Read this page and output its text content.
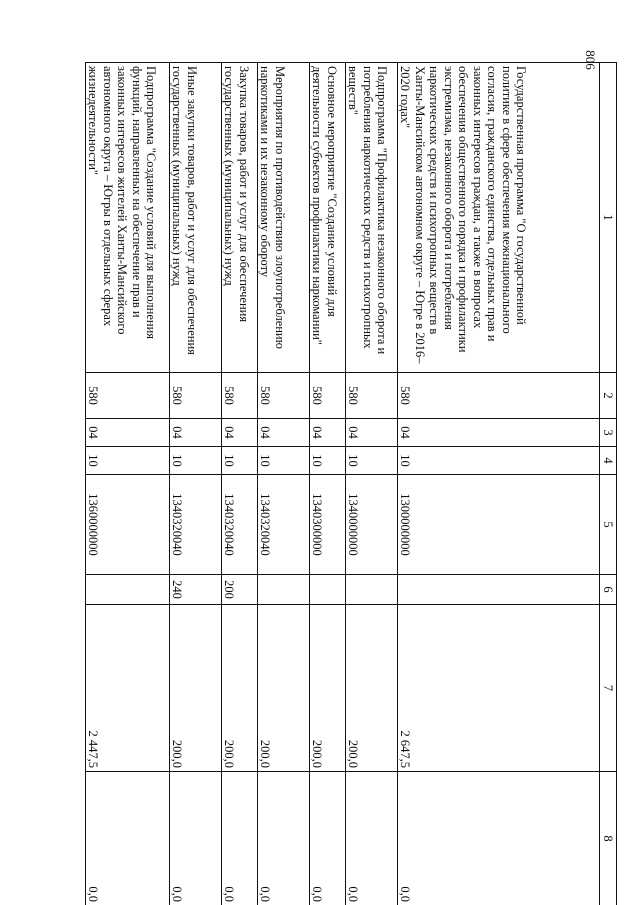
806
1	2	3	4	5	6	7	8
Государственная программа "О государственной политике в сфере обеспечения межнационального согласия, гражданского единства, отдельных прав и законных интересов граждан, а также в вопросах обеспечения общественного порядка и профилактики экстремизма, незаконного оборота и потребления наркотических средств и психотропных веществ в Ханты-Мансийском автономном округе – Югре в 2016–2020 годах"	580	04	10	1300000000		2 647,5	0,0
Подпрограмма "Профилактика незаконного оборота и потребления наркотических средств и психотропных веществ"	580	04	10	1340000000		200,0	0,0
Основное мероприятие "Создание условий для деятельности субъектов профилактики наркомании"	580	04	10	1340300000		200,0	0,0
Мероприятия по противодействию злоупотреблению наркотиками и их незаконному обороту	580	04	10	1340320040		200,0	0,0
Закупка товаров, работ и услуг для обеспечения государственных (муниципальных) нужд	580	04	10	1340320040	200	200,0	0,0
Иные закупки товаров, работ и услуг для обеспечения государственных (муниципальных) нужд	580	04	10	1340320040	240	200,0	0,0
Подпрограмма "Создание условий для выполнения функций, направленных на обеспечение прав и законных интересов жителей Ханты-Мансийского автономного округа – Югры в отдельных сферах жизнедеятельности"	580	04	10	1360000000		2 447,5	0,0
